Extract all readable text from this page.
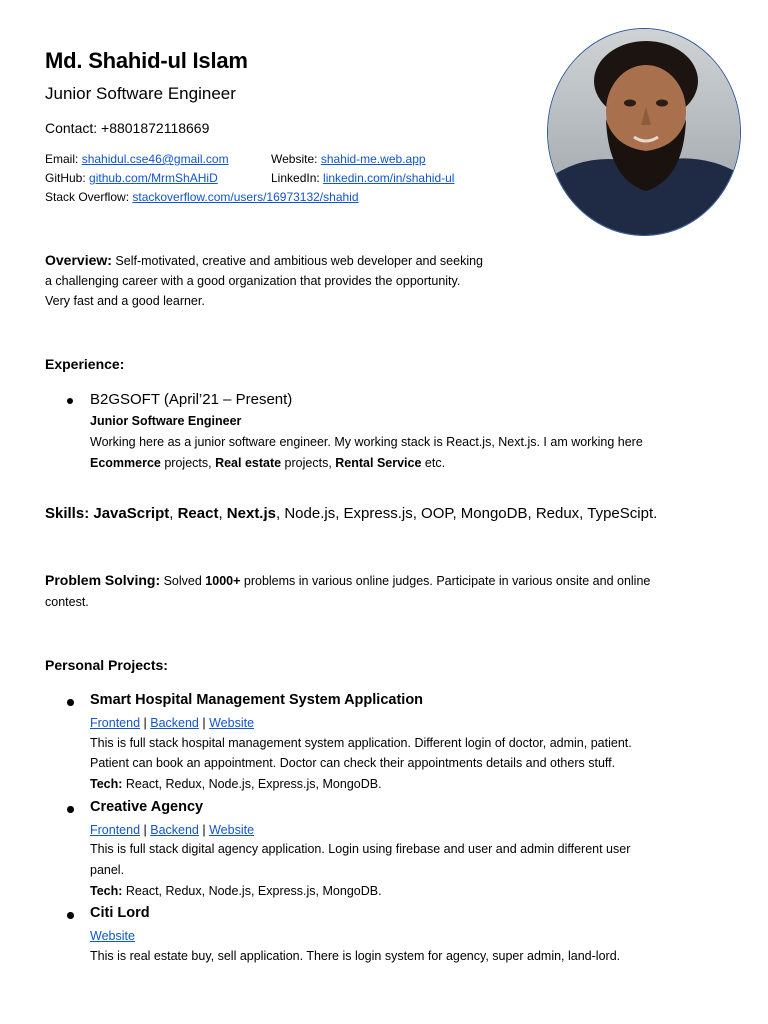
Md. Shahid-ul Islam
Junior Software Engineer
Contact: +8801872118669
Email: shahidul.cse46@gmail.com	Website: shahid-me.web.app
GitHub: github.com/MrmShAHiD	LinkedIn: linkedin.com/in/shahid-ul
Stack Overflow: stackoverflow.com/users/16973132/shahid
Overview: Self-motivated, creative and ambitious web developer and seeking
a challenging career with a good organization that provides the opportunity.
Very fast and a good learner.
Experience:
B2GSOFT (April’21 – Present)
Junior Software Engineer
Working here as a junior software engineer. My working stack is React.js, Next.js. I am working here
Ecommerce projects, Real estate projects, Rental Service etc.
Skills: JavaScript, React, Next.js, Node.js, Express.js, OOP, MongoDB, Redux, TypeScipt.
Problem Solving: Solved 1000+ problems in various online judges. Participate in various onsite and online
contest.
Personal Projects:
Smart Hospital Management System Application
Frontend | Backend | Website
This is full stack hospital management system application. Different login of doctor, admin, patient.
Patient can book an appointment. Doctor can check their appointments details and others stuff.
Tech: React, Redux, Node.js, Express.js, MongoDB.
Creative Agency
Frontend | Backend | Website
This is full stack digital agency application. Login using firebase and user and admin different user
panel.
Tech: React, Redux, Node.js, Express.js, MongoDB.
Citi Lord
Website
This is real estate buy, sell application. There is login system for agency, super admin, land-lord.
